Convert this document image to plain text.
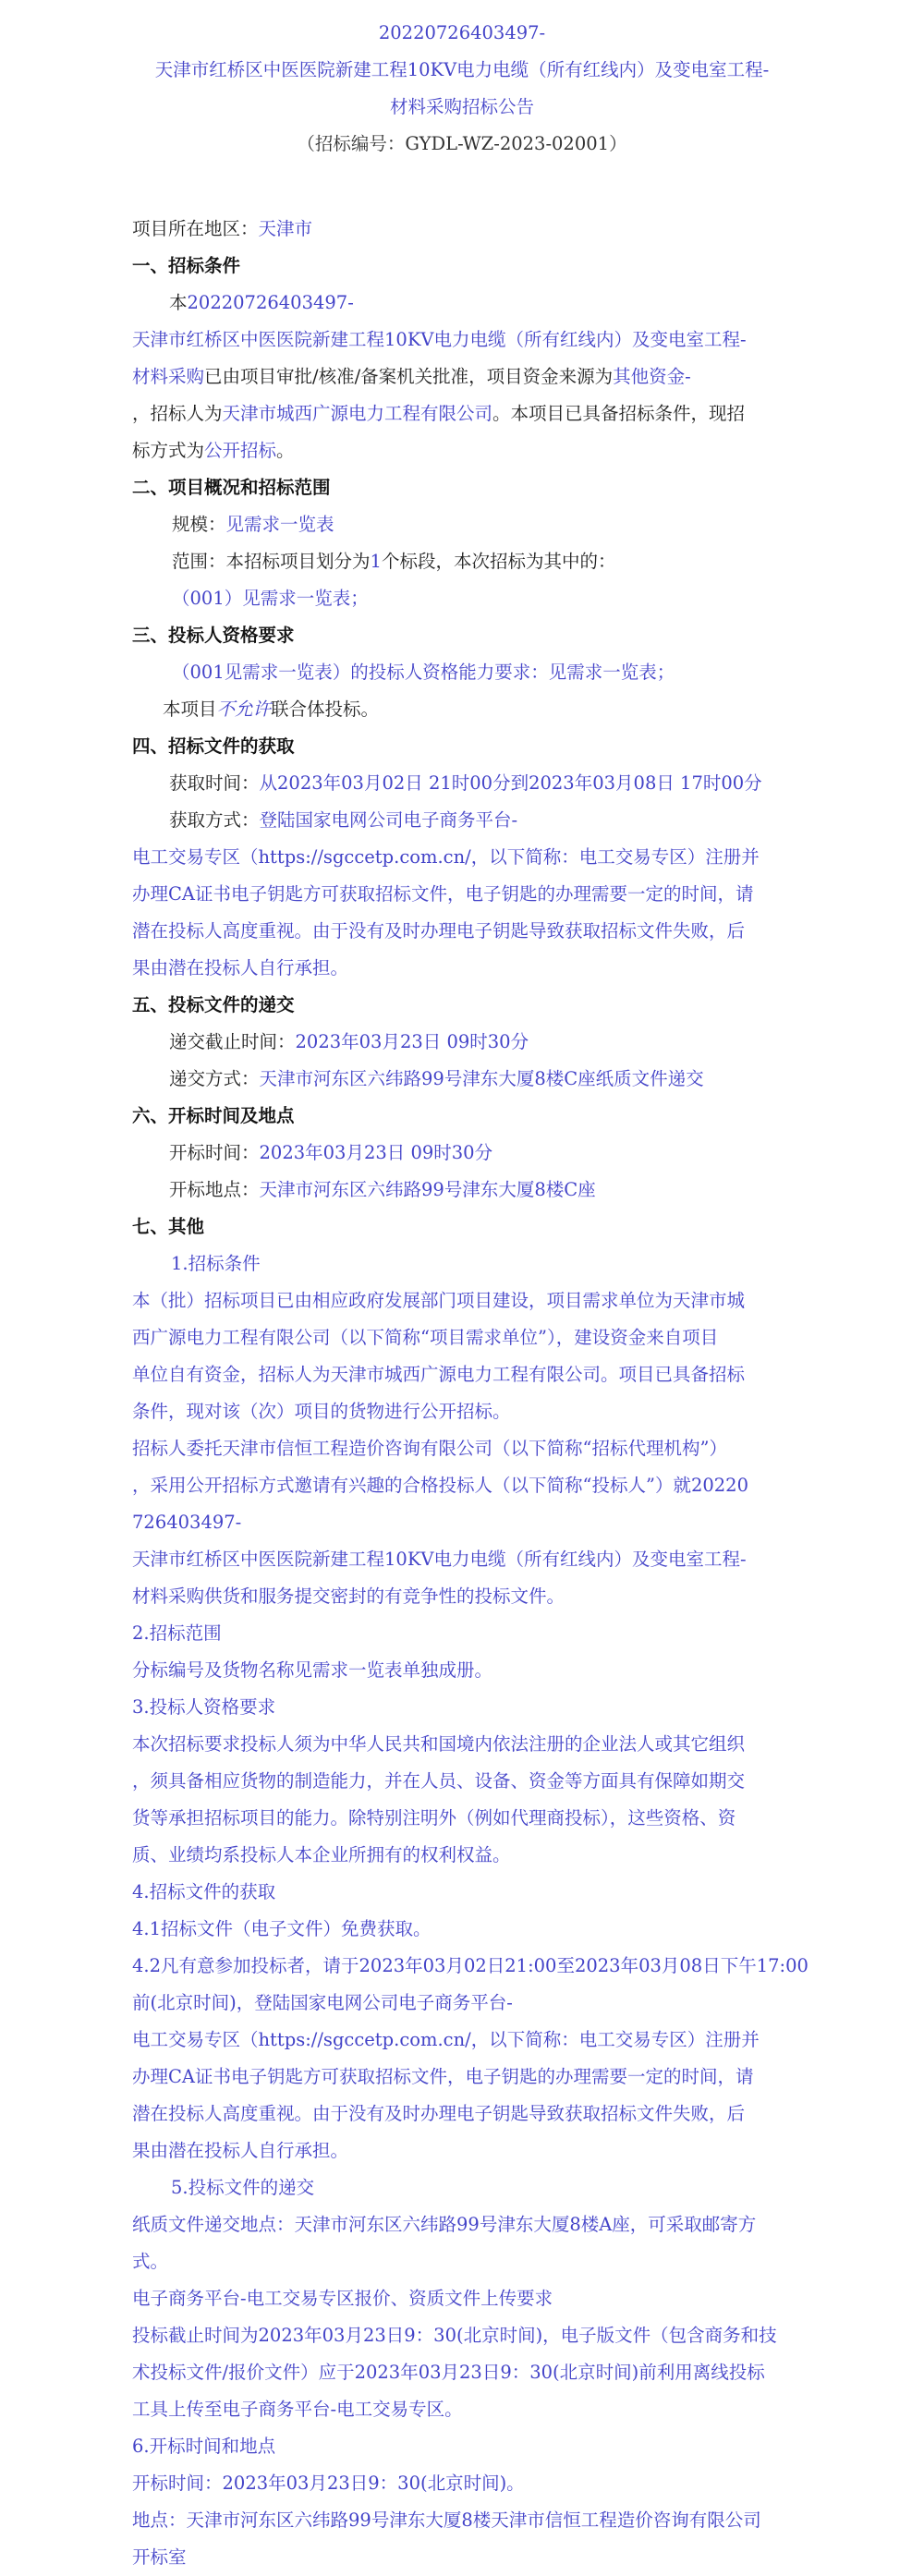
20220726403497-
天津市红桥区中医医院新建工程10KV电力电缆（所有红线内）及变电室工程-
材料采购招标公告
（招标编号：GYDL-WZ-2023-02001）
项目所在地区：天津市
一、招标条件
本20220726403497-
天津市红桥区中医医院新建工程10KV电力电缆（所有红线内）及变电室工程-
材料采购已由项目审批/核准/备案机关批准，项目资金来源为其他资金-
，招标人为天津市城西广源电力工程有限公司。本项目已具备招标条件，现招
标方式为公开招标。
二、项目概况和招标范围
规模：见需求一览表
范围：本招标项目划分为1个标段，本次招标为其中的：
（001）见需求一览表；
三、投标人资格要求
（001见需求一览表）的投标人资格能力要求：见需求一览表；
本项目不允许联合体投标。
四、招标文件的获取
获取时间：从2023年03月02日 21时00分到2023年03月08日 17时00分
获取方式：登陆国家电网公司电子商务平台-
电工交易专区（https://sgccetp.com.cn/，以下简称：电工交易专区）注册并
办理CA证书电子钥匙方可获取招标文件，电子钥匙的办理需要一定的时间，请
潜在投标人高度重视。由于没有及时办理电子钥匙导致获取招标文件失败，后
果由潜在投标人自行承担。
五、投标文件的递交
递交截止时间：2023年03月23日 09时30分
递交方式：天津市河东区六纬路99号津东大厦8楼C座纸质文件递交
六、开标时间及地点
开标时间：2023年03月23日 09时30分
开标地点：天津市河东区六纬路99号津东大厦8楼C座
七、其他
1.招标条件
本（批）招标项目已由相应政府发展部门项目建设，项目需求单位为天津市城
西广源电力工程有限公司（以下简称“项目需求单位”），建设资金来自项目
单位自有资金，招标人为天津市城西广源电力工程有限公司。项目已具备招标
条件，现对该（次）项目的货物进行公开招标。
招标人委托天津市信恒工程造价咨询有限公司（以下简称“招标代理机构”）
，采用公开招标方式邀请有兴趣的合格投标人（以下简称“投标人”）就20220
726403497-
天津市红桥区中医医院新建工程10KV电力电缆（所有红线内）及变电室工程-
材料采购供货和服务提交密封的有竞争性的投标文件。
2.招标范围
分标编号及货物名称见需求一览表单独成册。
3.投标人资格要求
本次招标要求投标人须为中华人民共和国境内依法注册的企业法人或其它组织
，须具备相应货物的制造能力，并在人员、设备、资金等方面具有保障如期交
货等承担招标项目的能力。除特别注明外（例如代理商投标），这些资格、资
质、业绩均系投标人本企业所拥有的权利权益。
4.招标文件的获取
4.1招标文件（电子文件）免费获取。
4.2凡有意参加投标者，请于2023年03月02日21:00至2023年03月08日下午17:00
前(北京时间)，登陆国家电网公司电子商务平台-
电工交易专区（https://sgccetp.com.cn/，以下简称：电工交易专区）注册并
办理CA证书电子钥匙方可获取招标文件，电子钥匙的办理需要一定的时间，请
潜在投标人高度重视。由于没有及时办理电子钥匙导致获取招标文件失败，后
果由潜在投标人自行承担。
5.投标文件的递交
纸质文件递交地点：天津市河东区六纬路99号津东大厦8楼A座，可采取邮寄方
式。
电子商务平台-电工交易专区报价、资质文件上传要求
投标截止时间为2023年03月23日9：30(北京时间)，电子版文件（包含商务和技
术投标文件/报价文件）应于2023年03月23日9：30(北京时间)前利用离线投标
工具上传至电子商务平台-电工交易专区。
6.开标时间和地点
开标时间：2023年03月23日9：30(北京时间)。
地点：天津市河东区六纬路99号津东大厦8楼天津市信恒工程造价咨询有限公司
开标室
